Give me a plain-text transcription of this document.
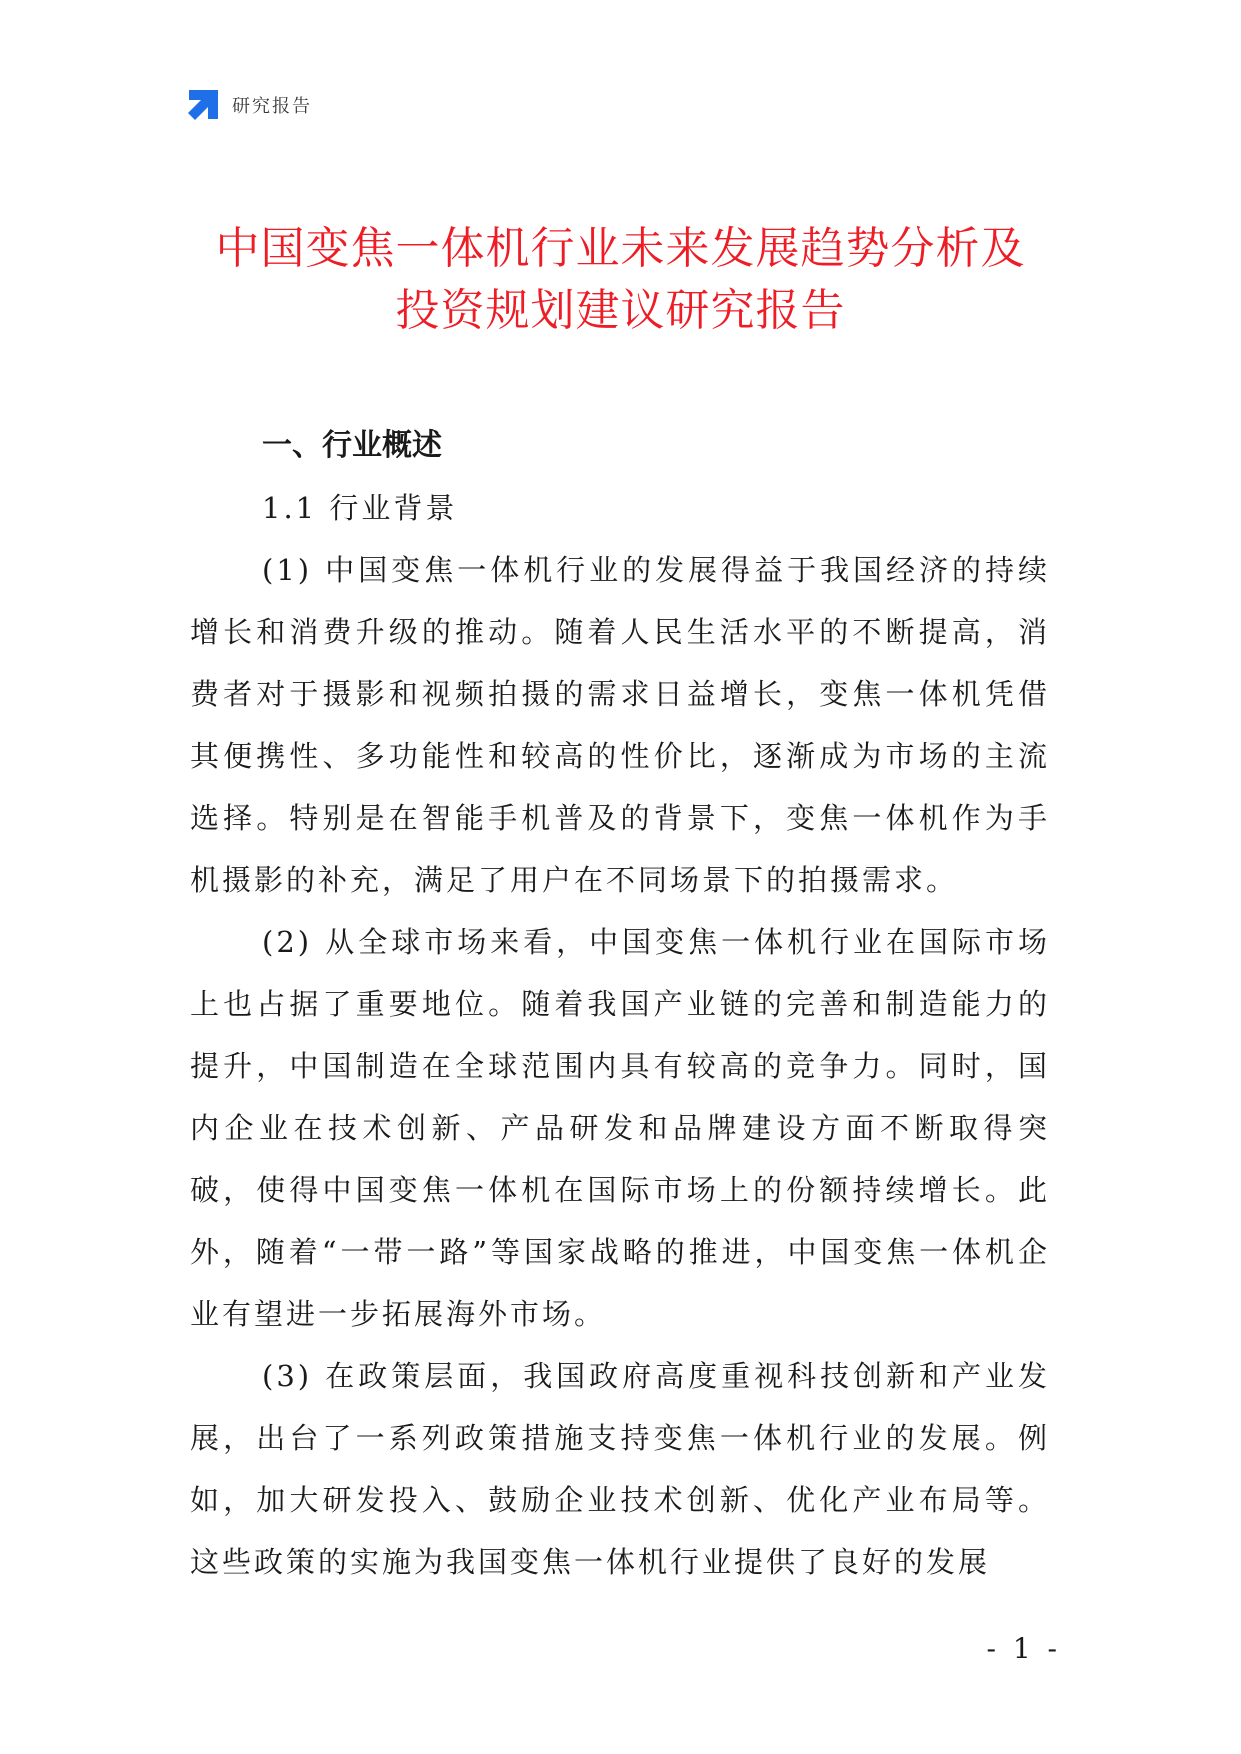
研究报告
中国变焦一体机行业未来发展趋势分析及
投资规划建议研究报告

一、行业概述

1.1 行业背景

(1) 中国变焦一体机行业的发展得益于我国经济的持续增长和消费升级的推动。随着人民生活水平的不断提高，消费者对于摄影和视频拍摄的需求日益增长，变焦一体机凭借其便携性、多功能性和较高的性价比，逐渐成为市场的主流选择。特别是在智能手机普及的背景下，变焦一体机作为手机摄影的补充，满足了用户在不同场景下的拍摄需求。

(2) 从全球市场来看，中国变焦一体机行业在国际市场上也占据了重要地位。随着我国产业链的完善和制造能力的提升，中国制造在全球范围内具有较高的竞争力。同时，国内企业在技术创新、产品研发和品牌建设方面不断取得突破，使得中国变焦一体机在国际市场上的份额持续增长。此外，随着“一带一路”等国家战略的推进，中国变焦一体机企业有望进一步拓展海外市场。

(3) 在政策层面，我国政府高度重视科技创新和产业发展，出台了一系列政策措施支持变焦一体机行业的发展。例如，加大研发投入、鼓励企业技术创新、优化产业布局等。这些政策的实施为我国变焦一体机行业提供了良好的发展

- 1 -
